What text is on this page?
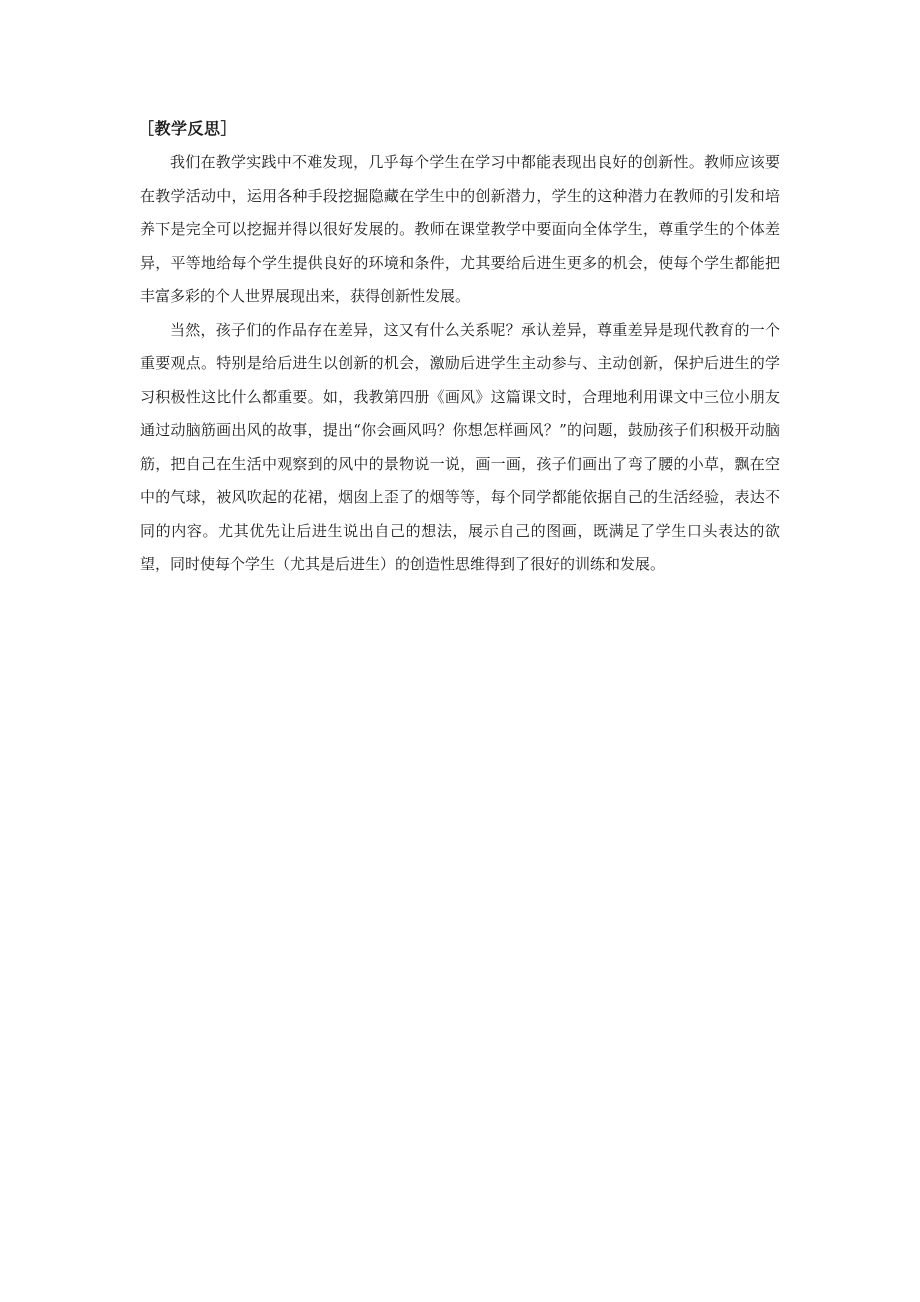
［教学反思］

我们在教学实践中不难发现，几乎每个学生在学习中都能表现出良好的创新性。教师应该要在教学活动中，运用各种手段挖掘隐藏在学生中的创新潜力，学生的这种潜力在教师的引发和培养下是完全可以挖掘并得以很好发展的。教师在课堂教学中要面向全体学生，尊重学生的个体差异，平等地给每个学生提供良好的环境和条件，尤其要给后进生更多的机会，使每个学生都能把丰富多彩的个人世界展现出来，获得创新性发展。

当然，孩子们的作品存在差异，这又有什么关系呢？承认差异，尊重差异是现代教育的一个重要观点。特别是给后进生以创新的机会，激励后进学生主动参与、主动创新，保护后进生的学习积极性这比什么都重要。如，我教第四册《画风》这篇课文时，合理地利用课文中三位小朋友通过动脑筋画出风的故事，提出“你会画风吗？你想怎样画风？”的问题，鼓励孩子们积极开动脑筋，把自己在生活中观察到的风中的景物说一说，画一画，孩子们画出了弯了腰的小草，飘在空中的气球，被风吹起的花裙，烟囱上歪了的烟等等，每个同学都能依据自己的生活经验，表达不同的内容。尤其优先让后进生说出自己的想法，展示自己的图画，既满足了学生口头表达的欲望，同时使每个学生（尤其是后进生）的创造性思维得到了很好的训练和发展。
